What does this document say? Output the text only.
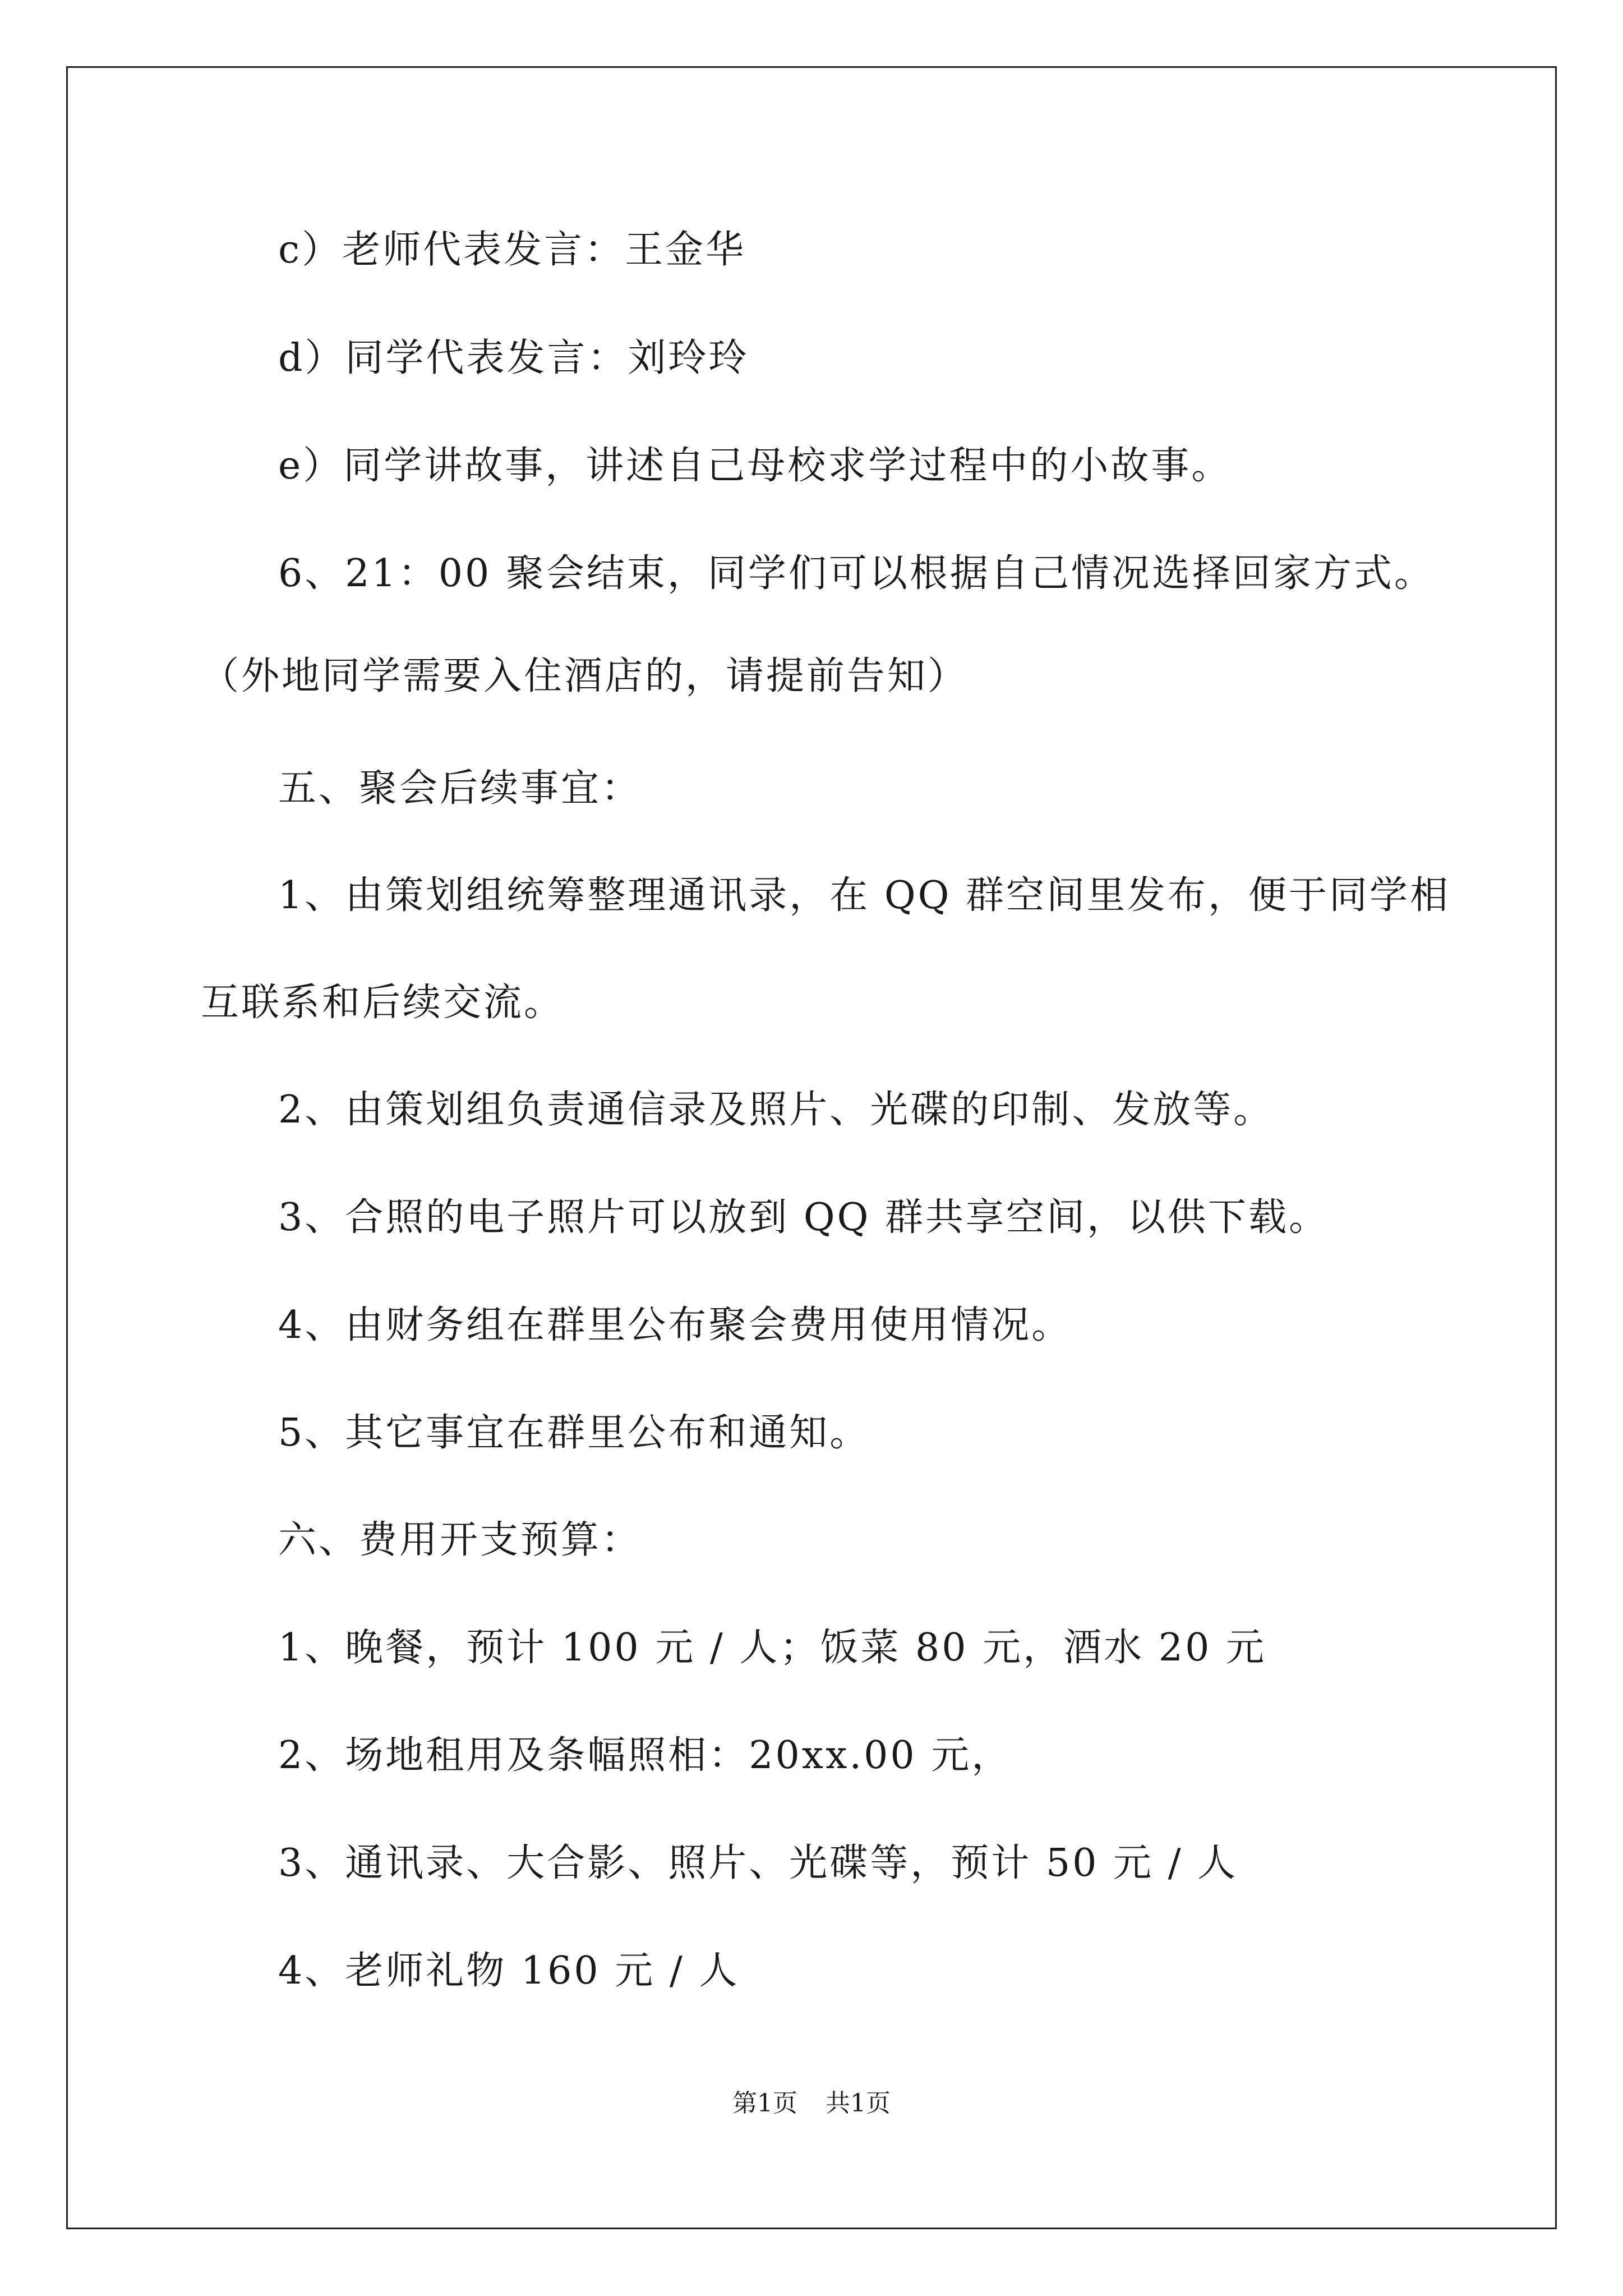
c）老师代表发言：王金华
d）同学代表发言：刘玲玲
e）同学讲故事，讲述自己母校求学过程中的小故事。
6、21：00 聚会结束，同学们可以根据自己情况选择回家方式。
（外地同学需要入住酒店的，请提前告知）
五、聚会后续事宜：
1、由策划组统筹整理通讯录，在 QQ 群空间里发布，便于同学相
互联系和后续交流。
2、由策划组负责通信录及照片、光碟的印制、发放等。
3、合照的电子照片可以放到 QQ 群共享空间，以供下载。
4、由财务组在群里公布聚会费用使用情况。
5、其它事宜在群里公布和通知。
六、费用开支预算：
1、晚餐，预计 100 元 / 人；饭菜 80 元，酒水 20 元
2、场地租用及条幅照相：20xx.00 元，
3、通讯录、大合影、照片、光碟等，预计 50 元 / 人
4、老师礼物 160 元 / 人
第1页 共1页
